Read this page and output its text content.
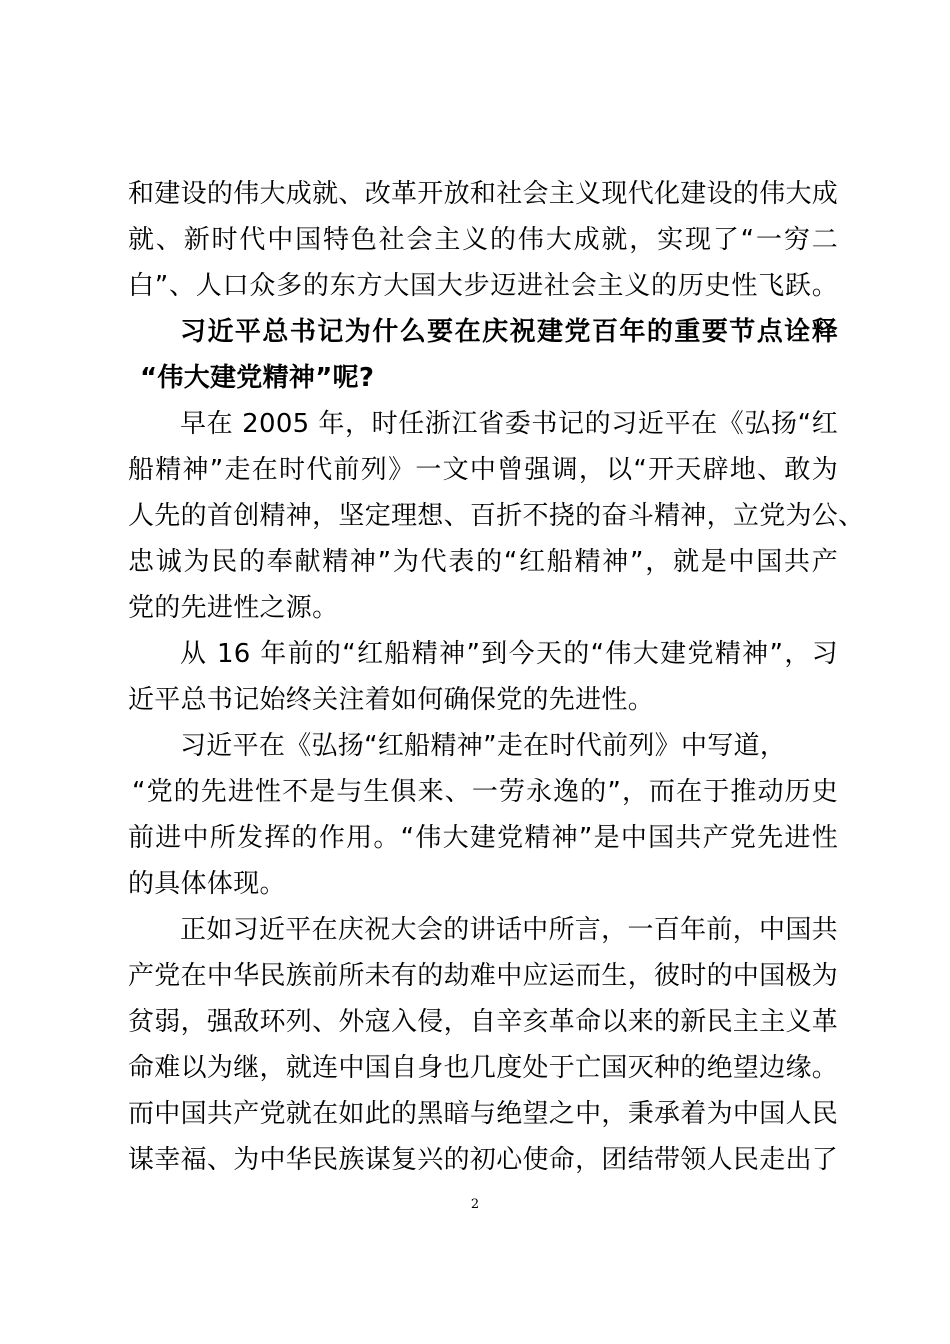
和建设的伟大成就、改革开放和社会主义现代化建设的伟大成

就、新时代中国特色社会主义的伟大成就，实现了“一穷二

白”、人口众多的东方大国大步迈进社会主义的历史性飞跃。

习近平总书记为什么要在庆祝建党百年的重要节点诠释

“伟大建党精神”呢?

早在 2005 年，时任浙江省委书记的习近平在《弘扬“红

船精神”走在时代前列》一文中曾强调，以“开天辟地、敢为

人先的首创精神，坚定理想、百折不挠的奋斗精神，立党为公、

忠诚为民的奉献精神”为代表的“红船精神”，就是中国共产

党的先进性之源。

从 16 年前的“红船精神”到今天的“伟大建党精神”，习

近平总书记始终关注着如何确保党的先进性。

习近平在《弘扬“红船精神”走在时代前列》中写道，

“党的先进性不是与生俱来、一劳永逸的”，而在于推动历史

前进中所发挥的作用。“伟大建党精神”是中国共产党先进性

的具体体现。

正如习近平在庆祝大会的讲话中所言，一百年前，中国共

产党在中华民族前所未有的劫难中应运而生，彼时的中国极为

贫弱，强敌环列、外寇入侵，自辛亥革命以来的新民主主义革

命难以为继，就连中国自身也几度处于亡国灭种的绝望边缘。

而中国共产党就在如此的黑暗与绝望之中，秉承着为中国人民

谋幸福、为中华民族谋复兴的初心使命，团结带领人民走出了

2
